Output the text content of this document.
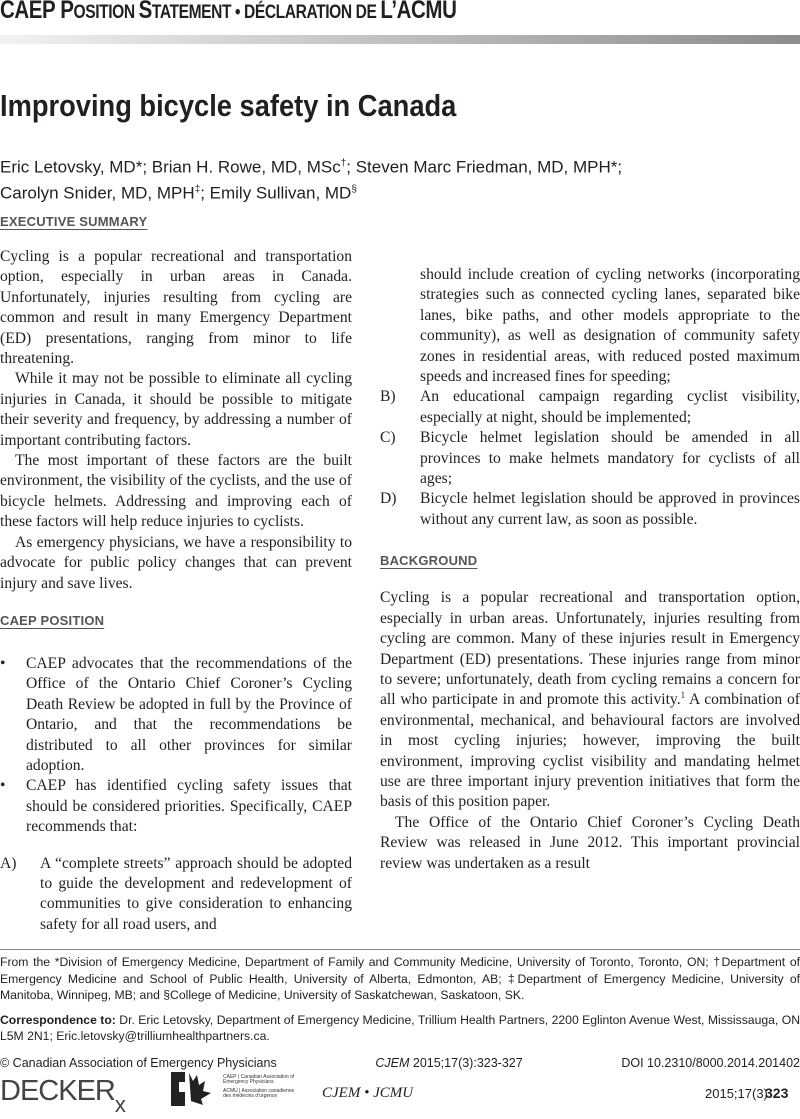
CAEP POSITION STATEMENT • DÉCLARATION DE L’ACMU
Improving bicycle safety in Canada
Eric Letovsky, MD*; Brian H. Rowe, MD, MSc†; Steven Marc Friedman, MD, MPH*;
Carolyn Snider, MD, MPH‡; Emily Sullivan, MD§
EXECUTIVE SUMMARY

Cycling is a popular recreational and transportation option, especially in urban areas in Canada. Unfortunately, injuries resulting from cycling are common and result in many Emergency Department (ED) presentations, ranging from minor to life threatening.

While it may not be possible to eliminate all cycling injuries in Canada, it should be possible to mitigate their severity and frequency, by addressing a number of important contributing factors.

The most important of these factors are the built environment, the visibility of the cyclists, and the use of bicycle helmets. Addressing and improving each of these factors will help reduce injuries to cyclists.

As emergency physicians, we have a responsibility to advocate for public policy changes that can prevent injury and save lives.

CAEP POSITION

• CAEP advocates that the recommendations of the Office of the Ontario Chief Coroner’s Cycling Death Review be adopted in full by the Province of Ontario, and that the recommendations be distributed to all other provinces for similar adoption.

• CAEP has identified cycling safety issues that should be considered priorities. Specifically, CAEP recommends that:

A) A “complete streets” approach should be adopted to guide the development and redevelopment of communities to give consideration to enhancing safety for all road users, and

should include creation of cycling networks (incorporating strategies such as connected cycling lanes, separated bike lanes, bike paths, and other models appropriate to the community), as well as designation of community safety zones in residential areas, with reduced posted maximum speeds and increased fines for speeding;

B) An educational campaign regarding cyclist visibility, especially at night, should be implemented;

C) Bicycle helmet legislation should be amended in all provinces to make helmets mandatory for cyclists of all ages;

D) Bicycle helmet legislation should be approved in provinces without any current law, as soon as possible.

BACKGROUND

Cycling is a popular recreational and transportation option, especially in urban areas. Unfortunately, injuries resulting from cycling are common. Many of these injuries result in Emergency Department (ED) presentations. These injuries range from minor to severe; unfortunately, death from cycling remains a concern for all who participate in and promote this activity.$^1$ A combination of environmental, mechanical, and behavioural factors are involved in most cycling injuries; however, improving the built environment, improving cyclist visibility and mandating helmet use are three important injury prevention initiatives that form the basis of this position paper.

The Office of the Ontario Chief Coroner’s Cycling Death Review was released in June 2012. This important provincial review was undertaken as a result

From the *Division of Emergency Medicine, Department of Family and Community Medicine, University of Toronto, Toronto, ON; †Department of Emergency Medicine and School of Public Health, University of Alberta, Edmonton, AB; ‡Department of Emergency Medicine, University of Manitoba, Winnipeg, MB; and §College of Medicine, University of Saskatchewan, Saskatoon, SK.
Correspondence to: Dr. Eric Letovsky, Department of Emergency Medicine, Trillium Health Partners, 2200 Eglinton Avenue West, Mississauga, ON L5M 2N1; Eric.letovsky@trilliumhealthpartners.ca.
© Canadian Association of Emergency Physicians	CJEM 2015;17(3):323-327	DOI 10.2310/8000.2014.201402
$DECKER_x$
CAEP | Canadian Association of Emergency Physicians
ACMU | Association canadienne des médecins d’urgence	CJEM • JCMU	2015;17(3)
323
